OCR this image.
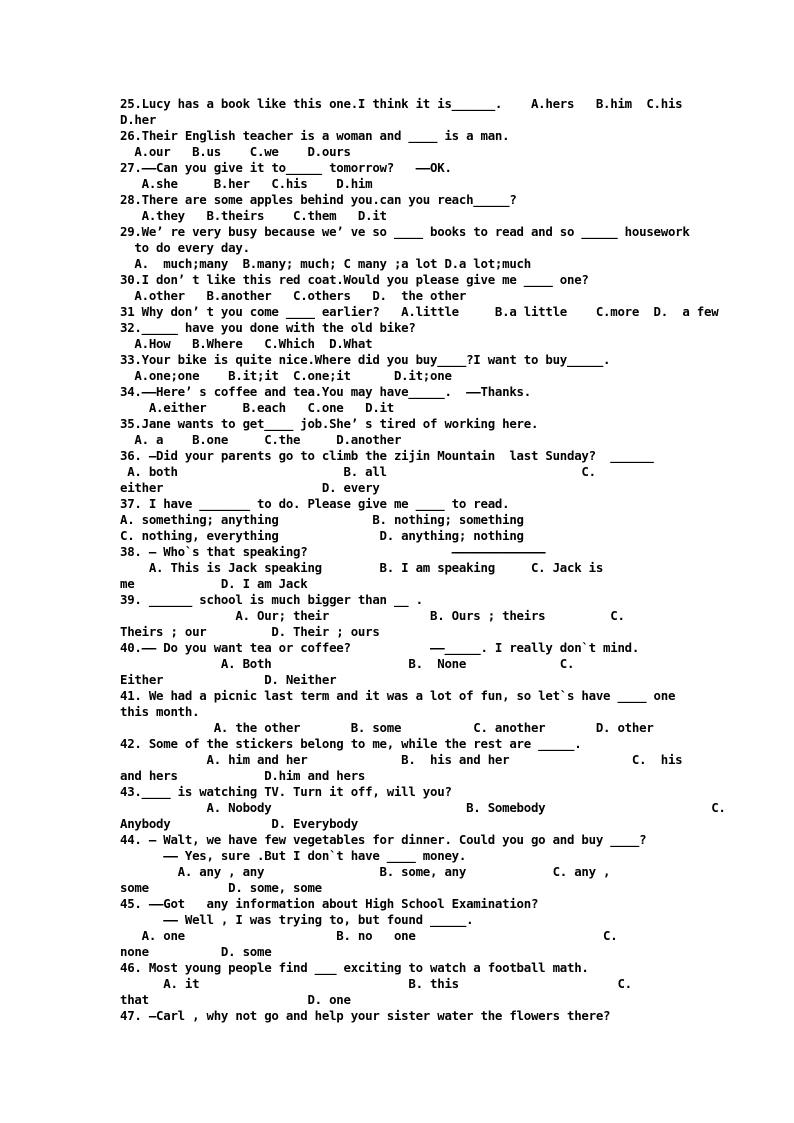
25.Lucy has a book like this one.I think it is______.    A.hers   B.him  C.his
D.her
26.Their English teacher is a woman and ____ is a man.
A.our   B.us    C.we    D.ours
27.——Can you give it to_____ tomorrow?   ——OK.
A.she     B.her   C.his    D.him
28.There are some apples behind you.can you reach_____?
A.they   B.theirs    C.them   D.it
29.We’ re very busy because we’ ve so ____ books to read and so _____ housework
to do every day.
A.  much;many  B.many; much; C many ;a lot D.a lot;much
30.I don’ t like this red coat.Would you please give me ____ one?
A.other   B.another   C.others   D.  the other
31 Why don’ t you come ____ earlier?   A.little     B.a little    C.more  D.  a few
32._____ have you done with the old bike?
A.How   B.Where   C.Which  D.What
33.Your bike is quite nice.Where did you buy____?I want to buy_____.
A.one;one    B.it;it  C.one;it      D.it;one
34.——Here’ s coffee and tea.You may have_____.  ——Thanks.
A.either     B.each   C.one   D.it
35.Jane wants to get____ job.She’ s tired of working here.
A. a    B.one     C.the     D.another
36. —Did your parents go to climb the zijin Mountain  last Sunday?  ______
A. both                       B. all                           C.
either                      D. every
37. I have _______ to do. Please give me ____ to read.
A. something; anything             B. nothing; something
C. nothing, everything              D. anything; nothing
38. — Who`s that speaking?                    —————————————
A. This is Jack speaking        B. I am speaking     C. Jack is
me            D. I am Jack
39. ______ school is much bigger than __ .
A. Our; their              B. Ours ; theirs         C.
Theirs ; our         D. Their ; ours
40.—— Do you want tea or coffee?           ——_____. I really don`t mind.
A. Both                   B.  None             C.
Either              D. Neither
41. We had a picnic last term and it was a lot of fun, so let`s have ____ one
this month.
A. the other       B. some          C. another       D. other
42. Some of the stickers belong to me, while the rest are _____.
A. him and her             B.  his and her                 C.  his
and hers            D.him and hers
43.____ is watching TV. Turn it off, will you?
A. Nobody                           B. Somebody                       C.
Anybody              D. Everybody
44. — Walt, we have few vegetables for dinner. Could you go and buy ____?
—— Yes, sure .But I don`t have ____ money.
A. any , any                B. some, any            C. any ,
some           D. some, some
45. ——Got   any information about High School Examination?
—— Well , I was trying to, but found _____.
A. one                     B. no   one                          C.
none          D. some
46. Most young people find ___ exciting to watch a football math.
A. it                             B. this                      C.
that                      D. one
47. —Carl , why not go and help your sister water the flowers there?
